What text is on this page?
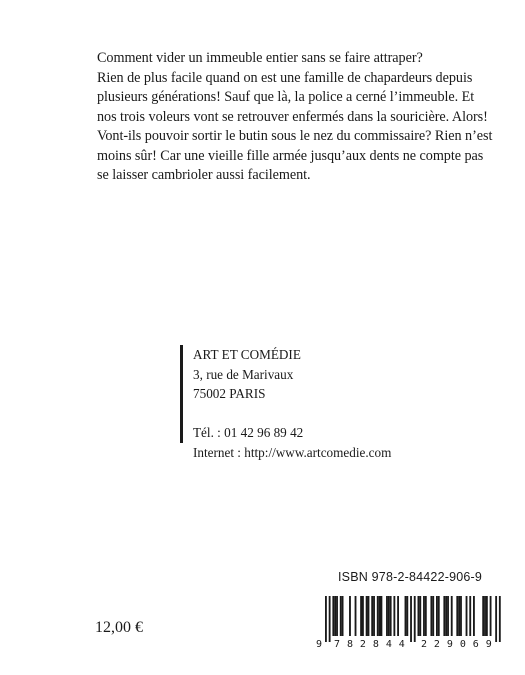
Comment vider un immeuble entier sans se faire attraper?
Rien de plus facile quand on est une famille de chapardeurs depuis
plusieurs générations! Sauf que là, la police a cerné l’immeuble. Et
nos trois voleurs vont se retrouver enfermés dans la souricière. Alors!
Vont-ils pouvoir sortir le butin sous le nez du commissaire? Rien n’est
moins sûr! Car une vieille fille armée jusqu’aux dents ne compte pas
se laisser cambrioler aussi facilement.
ART ET COMÉDIE
3, rue de Marivaux
75002 PARIS
Tél. : 01 42 96 89 42
Internet : http://www.artcomedie.com
ISBN 978-2-84422-906-9
9 7 8 2 8 4 4 2 2 9 0 6 9
12,00 €
